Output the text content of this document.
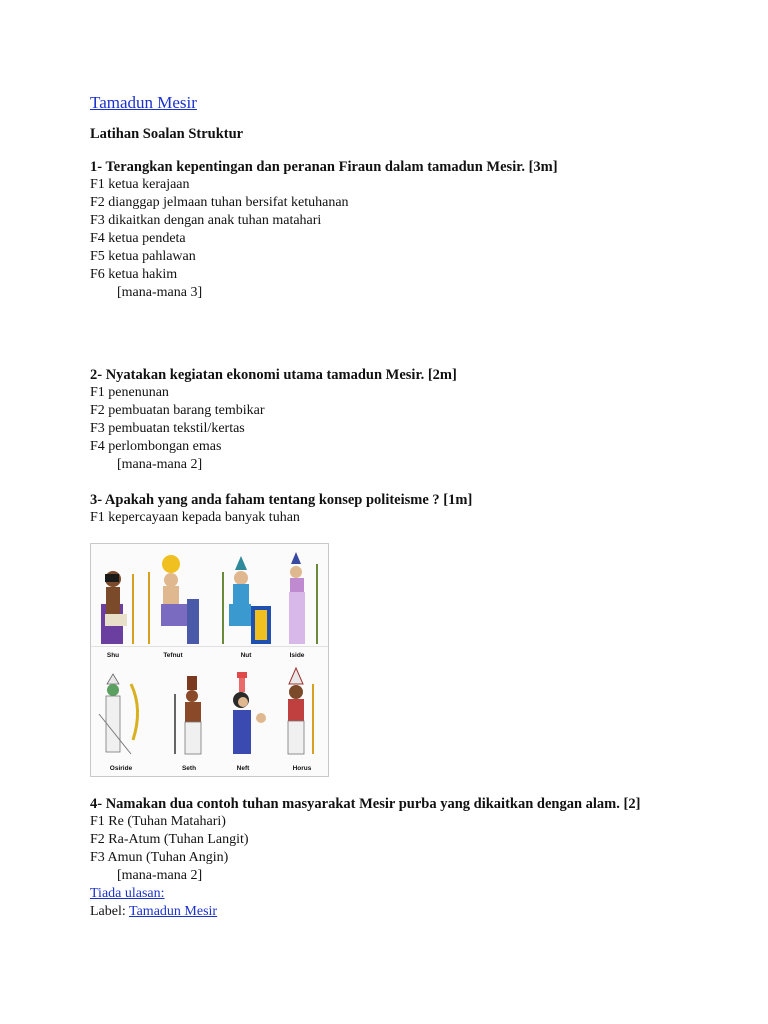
Tamadun Mesir
Latihan Soalan Struktur

1- Terangkan kepentingan dan peranan Firaun dalam tamadun Mesir. [3m]

F1 ketua kerajaan

F2 dianggap jelmaan tuhan bersifat ketuhanan

F3 dikaitkan dengan anak tuhan matahari

F4 ketua pendeta

F5 ketua pahlawan

F6 ketua hakim

[mana-mana 3]

2- Nyatakan kegiatan ekonomi utama tamadun Mesir. [2m]

F1 penenunan

F2 pembuatan barang tembikar

F3 pembuatan tekstil/kertas

F4 perlombongan emas

[mana-mana 2]

3- Apakah yang anda faham tentang konsep politeisme ? [1m]

F1 kepercayaan kepada banyak tuhan

Shu	Tefnut	Nut	Iside
Osiride	Seth	Neft	Horus

4- Namakan dua contoh tuhan masyarakat Mesir purba yang dikaitkan dengan alam. [2]

F1 Re (Tuhan Matahari)

F2 Ra-Atum (Tuhan Langit)

F3 Amun (Tuhan Angin)

[mana-mana 2]

Tiada ulasan:

Label: Tamadun Mesir
